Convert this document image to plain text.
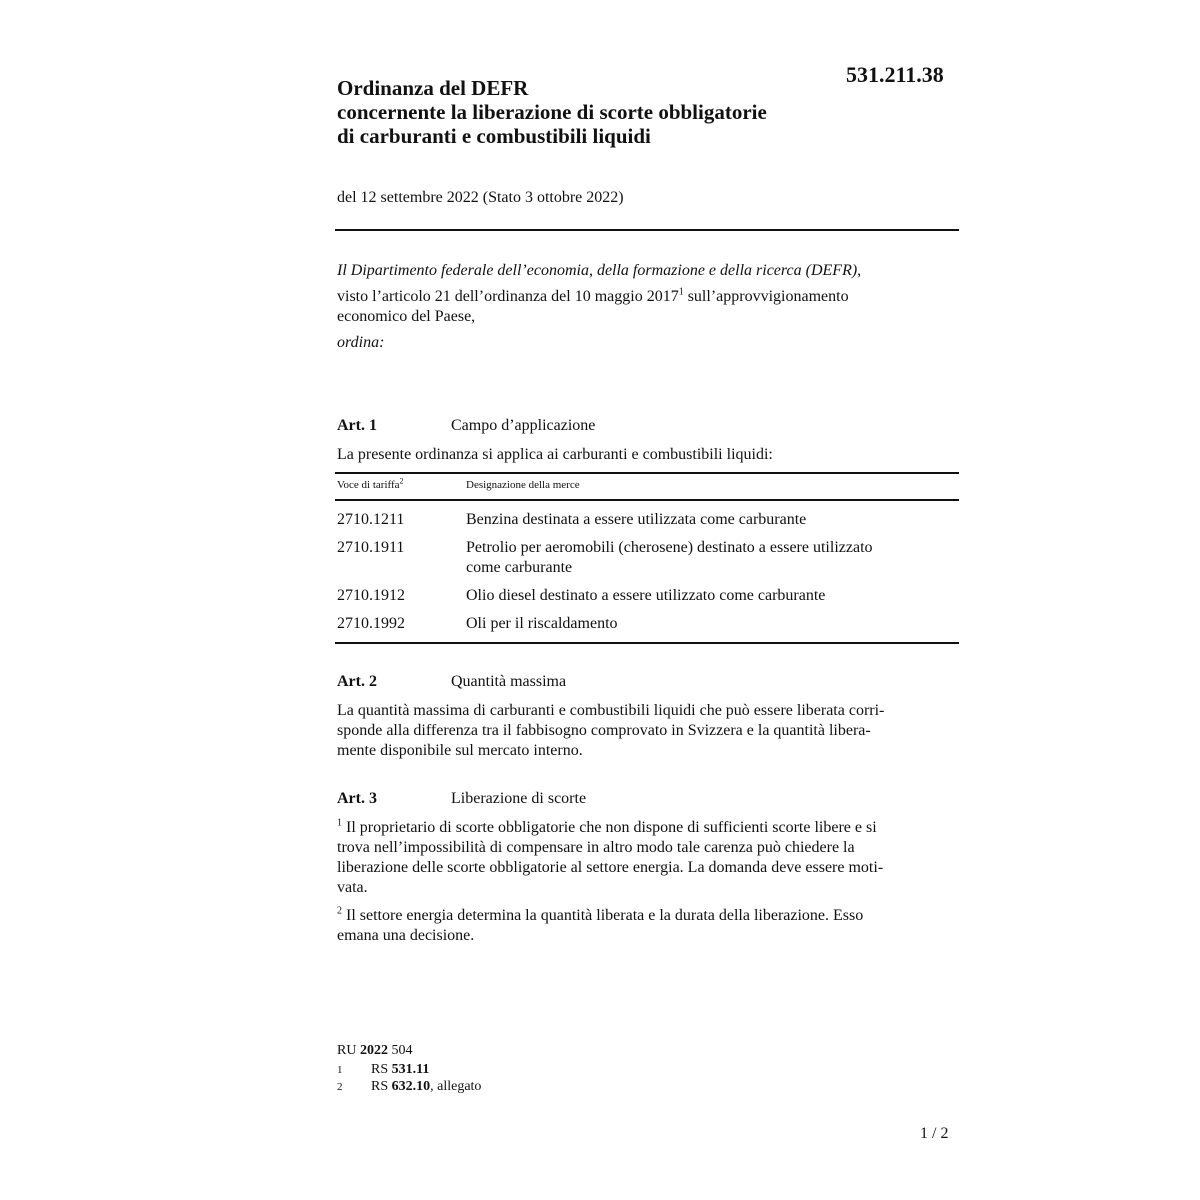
531.211.38
Ordinanza del DEFR
concernente la liberazione di scorte obbligatorie
di carburanti e combustibili liquidi
del 12 settembre 2022 (Stato 3 ottobre 2022)
Il Dipartimento federale dell’economia, della formazione e della ricerca (DEFR),
visto l’articolo 21 dell’ordinanza del 10 maggio 2017$^1$ sull’approvvigionamento
economico del Paese,
ordina:
Art. 1	Campo d’applicazione
La presente ordinanza si applica ai carburanti e combustibili liquidi:
Voce di tariffa$^2$	Designazione della merce
2710.1211	Benzina destinata a essere utilizzata come carburante
2710.1911	Petrolio per aeromobili (cherosene) destinato a essere utilizzato
come carburante
2710.1912	Olio diesel destinato a essere utilizzato come carburante
2710.1992	Oli per il riscaldamento
Art. 2	Quantità massima
La quantità massima di carburanti e combustibili liquidi che può essere liberata corri-
sponde alla differenza tra il fabbisogno comprovato in Svizzera e la quantità libera-
mente disponibile sul mercato interno.
Art. 3	Liberazione di scorte
$^1$ Il proprietario di scorte obbligatorie che non dispone di sufficienti scorte libere e si
trova nell’impossibilità di compensare in altro modo tale carenza può chiedere la
liberazione delle scorte obbligatorie al settore energia. La domanda deve essere moti-
vata.
$^2$ Il settore energia determina la quantità liberata e la durata della liberazione. Esso
emana una decisione.
RU 2022 504
1 RS 531.11
2 RS 632.10, allegato
1 / 2
